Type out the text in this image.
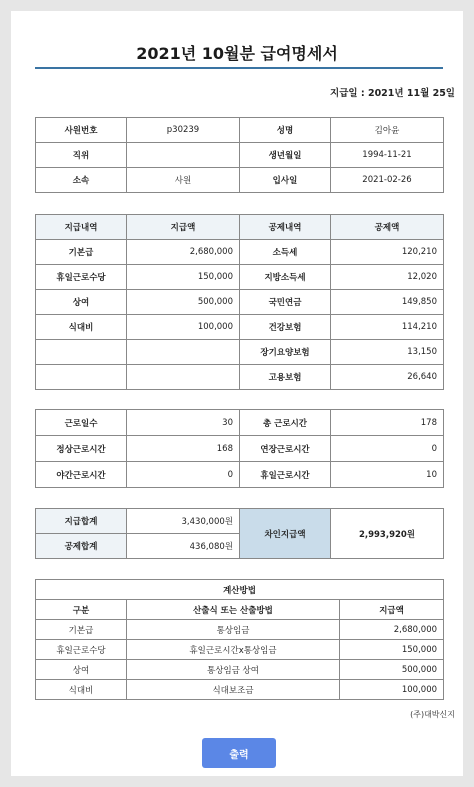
2021년 10월분 급여명세서
지급일 : 2021년 11월 25일
사원번호	p30239	성명	김아윤
직위		생년월일	1994-11-21
소속	사원	입사일	2021-02-26
지급내역	지급액	공제내역	공제액
기본급	2,680,000	소득세	120,210
휴일근로수당	150,000	지방소득세	12,020
상여	500,000	국민연금	149,850
식대비	100,000	건강보험	114,210
		장기요양보험	13,150
		고용보험	26,640
근로일수	30	총 근로시간	178
정상근로시간	168	연장근로시간	0
야간근로시간	0	휴일근로시간	10
지급합계	3,430,000원	차인지급액	2,993,920원
공제합계	436,080원		
계산방법		
구분	산출식 또는 산출방법	지급액
기본급	통상임금	2,680,000
휴일근로수당	휴일근로시간x통상임금	150,000
상여	통상임금 상여	500,000
식대비	식대보조금	100,000
(주)대박신지
출력
